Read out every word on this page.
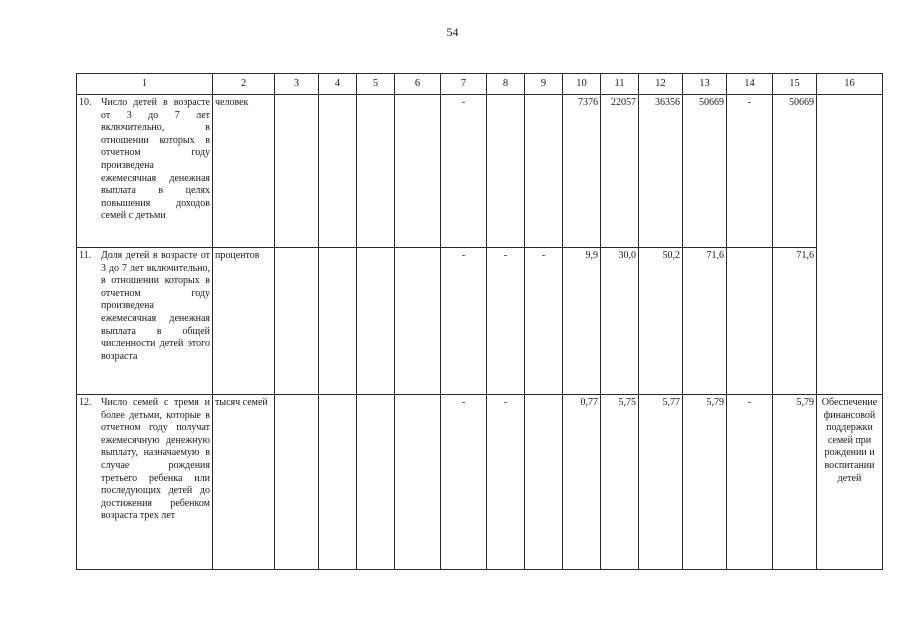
54
1	2	3	4	5	6	7	8	9	10	11	12	13	14	15	16

10. Число детей в возрасте от 3 до 7 лет включительно, в отношении которых в отчетном году произведена ежемесячная денежная выплата в целях повышения доходов семей с детьми	человек					-			7376	22057	36356	50669	-	50669	

11. Доля детей в возрасте от 3 до 7 лет включительно, в отношении которых в отчетном году произведена ежемесячная денежная выплата в общей численности детей этого возраста	процентов					-	-	-	9,9	30,0	50,2	71,6		71,6	

12. Число семей с тремя и более детьми, которые в отчетном году получат ежемесячную денежную выплату, назначаемую в случае рождения третьего ребенка или последующих детей до достижения ребенком возраста трех лет	тысяч семей					-	-		0,77	5,75	5,77	5,79	-	5,79	Обеспечение финансовой поддержки семей при рождении и воспитании детей
